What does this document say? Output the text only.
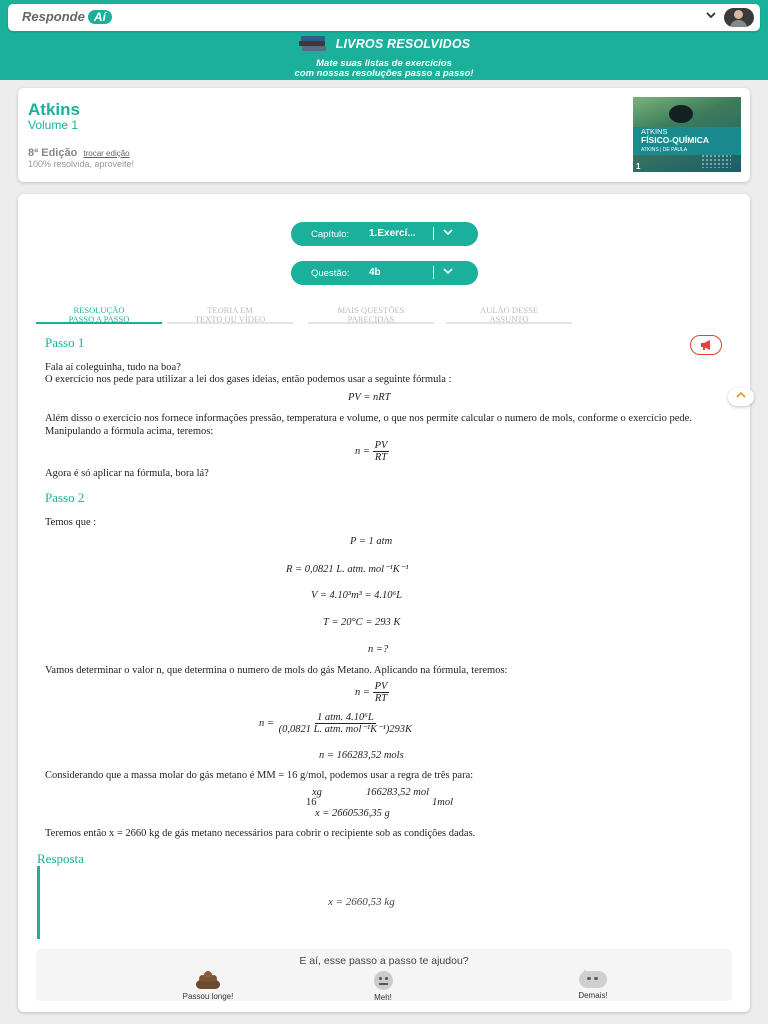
Responde Aí
LIVROS RESOLVIDOS
Mate suas listas de exercícios
com nossas resoluções passo a passo!
Atkins
Volume 1
8ª Edição trocar edição
100% resolvida, aproveite!
ATKINS
FÍSICO-QUÍMICA
ATKINS | DE PAULA
1
Capítulo: 1.Exercí...
Questão: 4b
RESOLUÇÃO
PASSO A PASSO
TEORIA EM
TEXTO OU VÍDEO
MAIS QUESTÕES
PARECIDAS
AULÃO DESSE
ASSUNTO
Passo 1
Fala aí coleguinha, tudo na boa?
O exercício nos pede para utilizar a lei dos gases ideias, então podemos usar a seguinte fórmula :
PV = nRT
Além disso o exercício nos fornece informações pressão, temperatura e volume, o que nos permite calcular o numero de mols, conforme o exercício pede. Manipulando a fórmula acima, teremos:
$n = \frac{PV}{RT}$
Agora é só aplicar na fórmula, bora lá?
Passo 2
Temos que :
P = 1 atm
R = 0,0821 L. atm. mol⁻¹K⁻¹
V = 4.10³m³ = 4.10⁶L
T = 20°C = 293 K
n =?
Vamos determinar o valor n, que determina o numero de mols do gás Metano. Aplicando na fórmula, teremos:
$n = \frac{PV}{RT}$
$n = \frac{\text{1 atm. 4.10⁶L}}{\text{(0,0821 L. atm. mol⁻¹K⁻¹)293K}}$
n = 166283,52 mols
Considerando que a massa molar do gás metano é MM = 16 g/mol, podemos usar a regra de três para:
xg	166283,52 mol
16	1mol
x = 2660536,35 g
Teremos então x = 2660 kg de gás metano necessários para cobrir o recipiente sob as condições dadas.
Resposta
x = 2660,53 kg
E aí, esse passo a passo te ajudou?
Passou longe!	Meh!	Demais!
